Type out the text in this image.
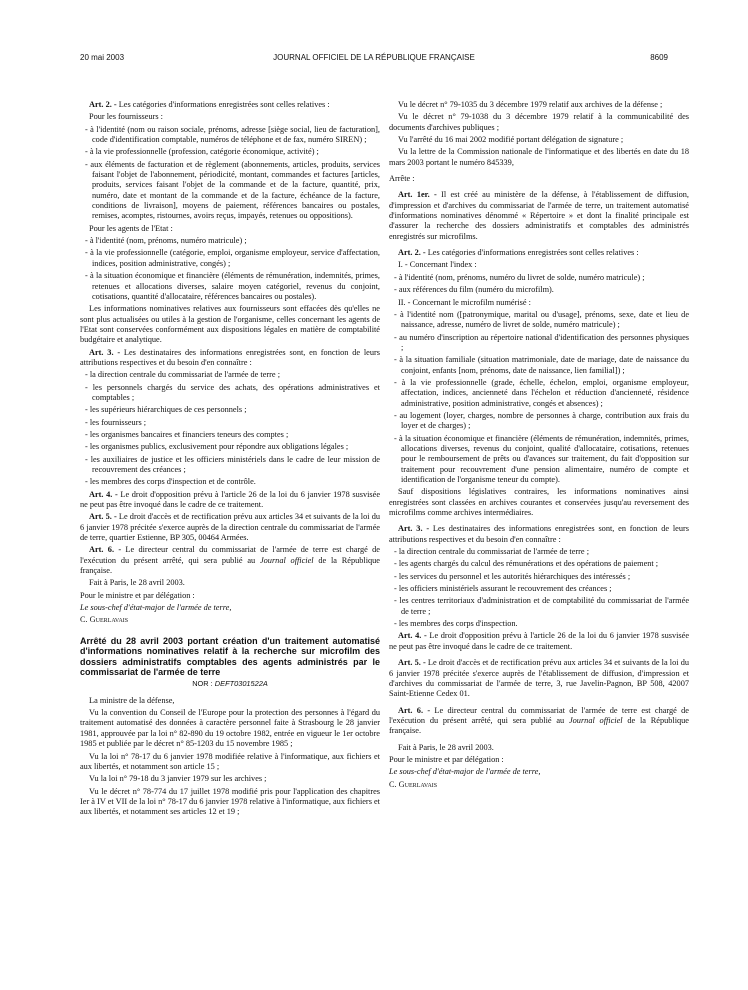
20 mai 2003	JOURNAL OFFICIEL DE LA RÉPUBLIQUE FRANÇAISE	8609

Art. 2. - Les catégories d'informations enregistrées sont celles relatives :

Pour les fournisseurs :

- à l'identité (nom ou raison sociale, prénoms, adresse [siège social, lieu de facturation], code d'identification comptable, numéros de téléphone et de fax, numéro SIREN) ;

- à la vie professionnelle (profession, catégorie économique, activité) ;

- aux éléments de facturation et de règlement (abonnements, articles, produits, services faisant l'objet de l'abonnement, périodicité, montant, commandes et factures [articles, produits, services faisant l'objet de la commande et de la facture, quantité, prix, numéro, date et montant de la commande et de la facture, échéance de la facture, conditions de livraison], moyens de paiement, références bancaires ou postales, remises, acomptes, ristournes, avoirs reçus, impayés, retenues ou oppositions).

Pour les agents de l'Etat :

- à l'identité (nom, prénoms, numéro matricule) ;

- à la vie professionnelle (catégorie, emploi, organisme employeur, service d'affectation, indices, position administrative, congés) ;

- à la situation économique et financière (éléments de rémunération, indemnités, primes, retenues et allocations diverses, salaire moyen catégoriel, revenus du conjoint, cotisations, quantité d'allocataire, références bancaires ou postales).

Les informations nominatives relatives aux fournisseurs sont effacées dès qu'elles ne sont plus actualisées ou utiles à la gestion de l'organisme, celles concernant les agents de l'Etat sont conservées conformément aux dispositions légales en matière de comptabilité budgétaire et analytique.

Art. 3. - Les destinataires des informations enregistrées sont, en fonction de leurs attributions respectives et du besoin d'en connaître :

- la direction centrale du commissariat de l'armée de terre ;

- les personnels chargés du service des achats, des opérations administratives et comptables ;

- les supérieurs hiérarchiques de ces personnels ;

- les fournisseurs ;

- les organismes bancaires et financiers teneurs des comptes ;

- les organismes publics, exclusivement pour répondre aux obligations légales ;

- les auxiliaires de justice et les officiers ministériels dans le cadre de leur mission de recouvrement des créances ;

- les membres des corps d'inspection et de contrôle.

Art. 4. - Le droit d'opposition prévu à l'article 26 de la loi du 6 janvier 1978 susvisée ne peut pas être invoqué dans le cadre de ce traitement.

Art. 5. - Le droit d'accès et de rectification prévu aux articles 34 et suivants de la loi du 6 janvier 1978 précitée s'exerce auprès de la direction centrale du commissariat de l'armée de terre, quartier Estienne, BP 305, 00464 Armées.

Art. 6. - Le directeur central du commissariat de l'armée de terre est chargé de l'exécution du présent arrêté, qui sera publié au Journal officiel de la République française.

Fait à Paris, le 28 avril 2003.

Pour le ministre et par délégation :

Le sous-chef d'état-major de l'armée de terre,

C. Guerlavais

Arrêté du 28 avril 2003 portant création d'un traitement automatisé d'informations nominatives relatif à la recherche sur microfilm des dossiers administratifs comptables des agents administrés par le commissariat de l'armée de terre
NOR : DEFT0301522A

La ministre de la défense,

Vu la convention du Conseil de l'Europe pour la protection des personnes à l'égard du traitement automatisé des données à caractère personnel faite à Strasbourg le 28 janvier 1981, approuvée par la loi n° 82-890 du 19 octobre 1982, entrée en vigueur le 1er octobre 1985 et publiée par le décret n° 85-1203 du 15 novembre 1985 ;

Vu la loi n° 78-17 du 6 janvier 1978 modifiée relative à l'informatique, aux fichiers et aux libertés, et notamment son article 15 ;

Vu la loi n° 79-18 du 3 janvier 1979 sur les archives ;

Vu le décret n° 78-774 du 17 juillet 1978 modifié pris pour l'application des chapitres Ier à IV et VII de la loi n° 78-17 du 6 janvier 1978 relative à l'informatique, aux fichiers et aux libertés, et notamment ses articles 12 et 19 ;

Vu le décret n° 79-1035 du 3 décembre 1979 relatif aux archives de la défense ;

Vu le décret n° 79-1038 du 3 décembre 1979 relatif à la communicabilité des documents d'archives publiques ;

Vu l'arrêté du 16 mai 2002 modifié portant délégation de signature ;

Vu la lettre de la Commission nationale de l'informatique et des libertés en date du 18 mars 2003 portant le numéro 845339,

Arrête :

Art. 1er. - Il est créé au ministère de la défense, à l'établissement de diffusion, d'impression et d'archives du commissariat de l'armée de terre, un traitement automatisé d'informations nominatives dénommé « Répertoire » et dont la finalité principale est d'assurer la recherche des dossiers administratifs et comptables des administrés enregistrés sur microfilms.

Art. 2. - Les catégories d'informations enregistrées sont celles relatives :

I. - Concernant l'index :

- à l'identité (nom, prénoms, numéro du livret de solde, numéro matricule) ;

- aux références du film (numéro du microfilm).

II. - Concernant le microfilm numérisé :

- à l'identité nom ([patronymique, marital ou d'usage], prénoms, sexe, date et lieu de naissance, adresse, numéro de livret de solde, numéro matricule) ;

- au numéro d'inscription au répertoire national d'identification des personnes physiques ;

- à la situation familiale (situation matrimoniale, date de mariage, date de naissance du conjoint, enfants [nom, prénoms, date de naissance, lien familial]) ;

- à la vie professionnelle (grade, échelle, échelon, emploi, organisme employeur, affectation, indices, ancienneté dans l'échelon et réduction d'ancienneté, résidence administrative, position administrative, congés et absences) ;

- au logement (loyer, charges, nombre de personnes à charge, contribution aux frais du loyer et de charges) ;

- à la situation économique et financière (éléments de rémunération, indemnités, primes, allocations diverses, revenus du conjoint, qualité d'allocataire, cotisations, retenues pour le remboursement de prêts ou d'avances sur traitement, du fait d'opposition sur traitement pour recouvrement d'une pension alimentaire, numéro de compte et identification de l'organisme teneur du compte).

Sauf dispositions législatives contraires, les informations nominatives ainsi enregistrées sont classées en archives courantes et conservées jusqu'au reversement des microfilms comme archives intermédiaires.

Art. 3. - Les destinataires des informations enregistrées sont, en fonction de leurs attributions respectives et du besoin d'en connaître :

- la direction centrale du commissariat de l'armée de terre ;

- les agents chargés du calcul des rémunérations et des opérations de paiement ;

- les services du personnel et les autorités hiérarchiques des intéressés ;

- les officiers ministériels assurant le recouvrement des créances ;

- les centres territoriaux d'administration et de comptabilité du commissariat de l'armée de terre ;

- les membres des corps d'inspection.

Art. 4. - Le droit d'opposition prévu à l'article 26 de la loi du 6 janvier 1978 susvisée ne peut pas être invoqué dans le cadre de ce traitement.

Art. 5. - Le droit d'accès et de rectification prévu aux articles 34 et suivants de la loi du 6 janvier 1978 précitée s'exerce auprès de l'établissement de diffusion, d'impression et d'archives du commissariat de l'armée de terre, 3, rue Javelin-Pagnon, BP 508, 42007 Saint-Etienne Cedex 01.

Art. 6. - Le directeur central du commissariat de l'armée de terre est chargé de l'exécution du présent arrêté, qui sera publié au Journal officiel de la République française.

Fait à Paris, le 28 avril 2003.

Pour le ministre et par délégation :

Le sous-chef d'état-major de l'armée de terre,

C. Guerlavais
